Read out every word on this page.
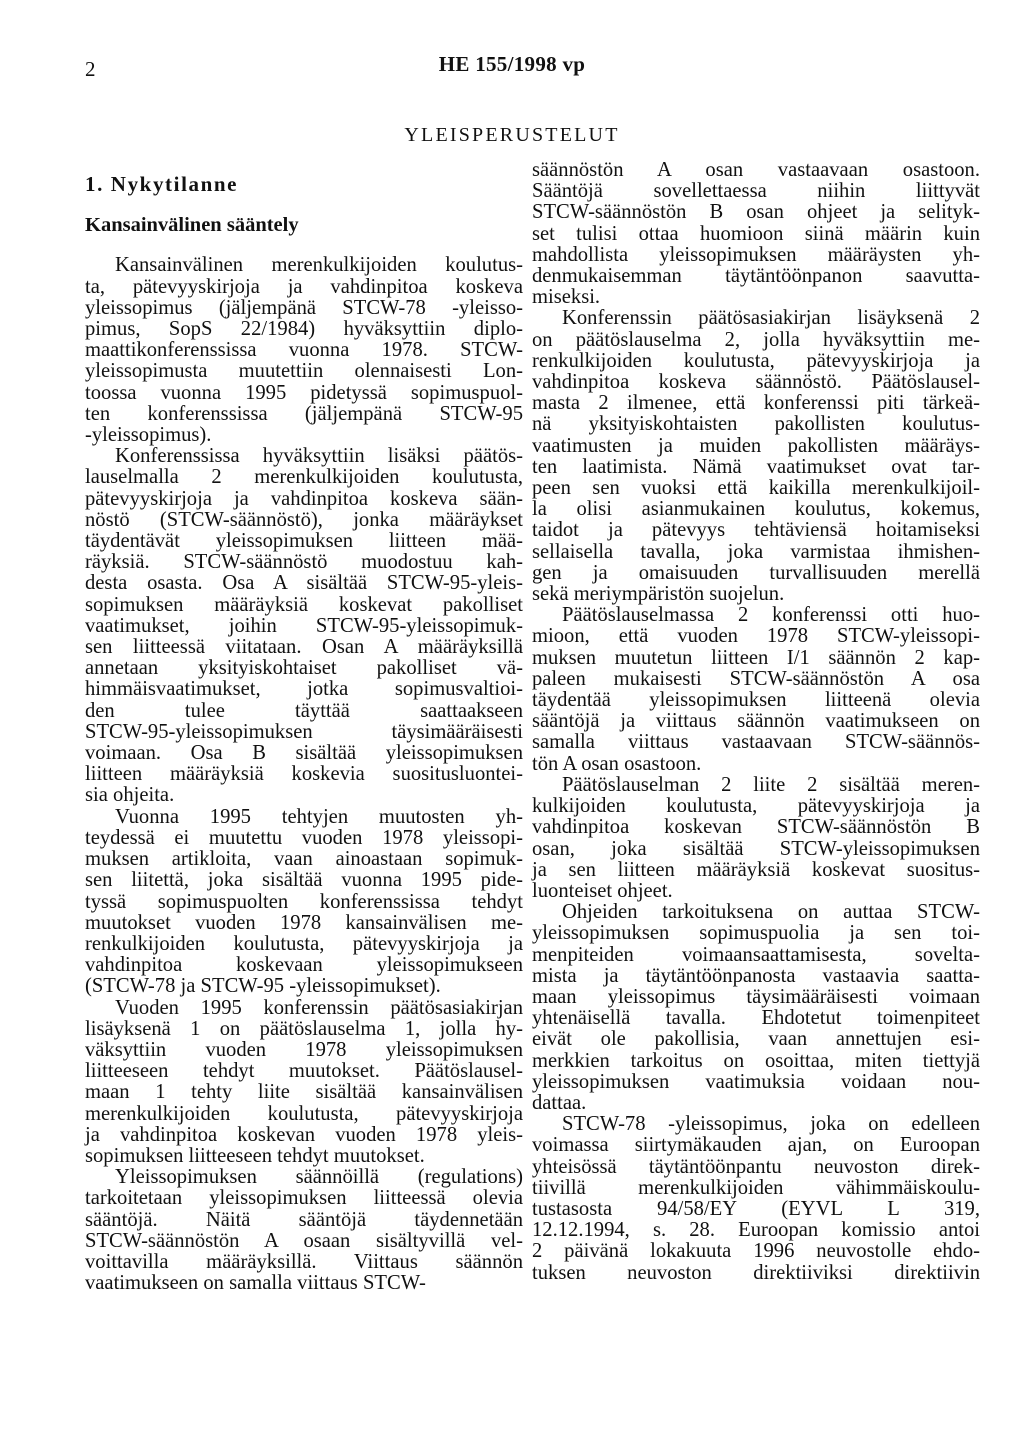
2	HE 155/1998 vp
YLEISPERUSTELUT
1. Nykytilanne
Kansainvälinen sääntely
Kansainvälinen merenkulkijoiden koulutus-
ta, pätevyyskirjoja ja vahdinpitoa koskeva
yleissopimus (jäljempänä STCW-78 -yleisso-
pimus, SopS 22/1984) hyväksyttiin diplo-
maattikonferenssissa vuonna 1978. STCW-
yleissopimusta muutettiin olennaisesti Lon-
toossa vuonna 1995 pidetyssä sopimuspuol-
ten konferenssissa (jäljempänä STCW-95
-yleissopimus).
Konferenssissa hyväksyttiin lisäksi päätös-
lauselmalla 2 merenkulkijoiden koulutusta,
pätevyyskirjoja ja vahdinpitoa koskeva sään-
nöstö (STCW-säännöstö), jonka määräykset
täydentävät yleissopimuksen liitteen mää-
räyksiä. STCW-säännöstö muodostuu kah-
desta osasta. Osa A sisältää STCW-95-yleis-
sopimuksen määräyksiä koskevat pakolliset
vaatimukset, joihin STCW-95-yleissopimuk-
sen liitteessä viitataan. Osan A määräyksillä
annetaan yksityiskohtaiset pakolliset vä-
himmäisvaatimukset, jotka sopimusvaltioi-
den tulee täyttää saattaakseen
STCW-95-yleissopimuksen täysimääräisesti
voimaan. Osa B sisältää yleissopimuksen
liitteen määräyksiä koskevia suositusluontei-
sia ohjeita.
Vuonna 1995 tehtyjen muutosten yh-
teydessä ei muutettu vuoden 1978 yleissopi-
muksen artikloita, vaan ainoastaan sopimuk-
sen liitettä, joka sisältää vuonna 1995 pide-
tyssä sopimuspuolten konferenssissa tehdyt
muutokset vuoden 1978 kansainvälisen me-
renkulkijoiden koulutusta, pätevyyskirjoja ja
vahdinpitoa koskevaan yleissopimukseen
(STCW-78 ja STCW-95 -yleissopimukset).
Vuoden 1995 konferenssin päätösasiakirjan
lisäyksenä 1 on päätöslauselma 1, jolla hy-
väksyttiin vuoden 1978 yleissopimuksen
liitteeseen tehdyt muutokset. Päätöslausel-
maan 1 tehty liite sisältää kansainvälisen
merenkulkijoiden koulutusta, pätevyyskirjoja
ja vahdinpitoa koskevan vuoden 1978 yleis-
sopimuksen liitteeseen tehdyt muutokset.
Yleissopimuksen säännöillä (regulations)
tarkoitetaan yleissopimuksen liitteessä olevia
sääntöjä. Näitä sääntöjä täydennetään
STCW-säännöstön A osaan sisältyvillä vel-
voittavilla määräyksillä. Viittaus säännön
vaatimukseen on samalla viittaus STCW-
säännöstön A osan vastaavaan osastoon.
Sääntöjä sovellettaessa niihin liittyvät
STCW-säännöstön B osan ohjeet ja selityk-
set tulisi ottaa huomioon siinä määrin kuin
mahdollista yleissopimuksen määräysten yh-
denmukaisemman täytäntöönpanon saavutta-
miseksi.
Konferenssin päätösasiakirjan lisäyksenä 2
on päätöslauselma 2, jolla hyväksyttiin me-
renkulkijoiden koulutusta, pätevyyskirjoja ja
vahdinpitoa koskeva säännöstö. Päätöslausel-
masta 2 ilmenee, että konferenssi piti tärkeä-
nä yksityiskohtaisten pakollisten koulutus-
vaatimusten ja muiden pakollisten määräys-
ten laatimista. Nämä vaatimukset ovat tar-
peen sen vuoksi että kaikilla merenkulkijoil-
la olisi asianmukainen koulutus, kokemus,
taidot ja pätevyys tehtäviensä hoitamiseksi
sellaisella tavalla, joka varmistaa ihmishen-
gen ja omaisuuden turvallisuuden merellä
sekä meriympäristön suojelun.
Päätöslauselmassa 2 konferenssi otti huo-
mioon, että vuoden 1978 STCW-yleissopi-
muksen muutetun liitteen I/1 säännön 2 kap-
paleen mukaisesti STCW-säännöstön A osa
täydentää yleissopimuksen liitteenä olevia
sääntöjä ja viittaus säännön vaatimukseen on
samalla viittaus vastaavaan STCW-säännös-
tön A osan osastoon.
Päätöslauselman 2 liite 2 sisältää meren-
kulkijoiden koulutusta, pätevyyskirjoja ja
vahdinpitoa koskevan STCW-säännöstön B
osan, joka sisältää STCW-yleissopimuksen
ja sen liitteen määräyksiä koskevat suositus-
luonteiset ohjeet.
Ohjeiden tarkoituksena on auttaa STCW-
yleissopimuksen sopimuspuolia ja sen toi-
menpiteiden voimaansaattamisesta, sovelta-
mista ja täytäntöönpanosta vastaavia saatta-
maan yleissopimus täysimääräisesti voimaan
yhtenäisellä tavalla. Ehdotetut toimenpiteet
eivät ole pakollisia, vaan annettujen esi-
merkkien tarkoitus on osoittaa, miten tiettyjä
yleissopimuksen vaatimuksia voidaan nou-
dattaa.
STCW-78 -yleissopimus, joka on edelleen
voimassa siirtymäkauden ajan, on Euroopan
yhteisössä täytäntöönpantu neuvoston direk-
tiivillä merenkulkijoiden vähimmäiskoulu-
tustasosta 94/58/EY (EYVL L 319,
12.12.1994, s. 28. Euroopan komissio antoi
2 päivänä lokakuuta 1996 neuvostolle ehdo-
tuksen neuvoston direktiiviksi direktiivin
